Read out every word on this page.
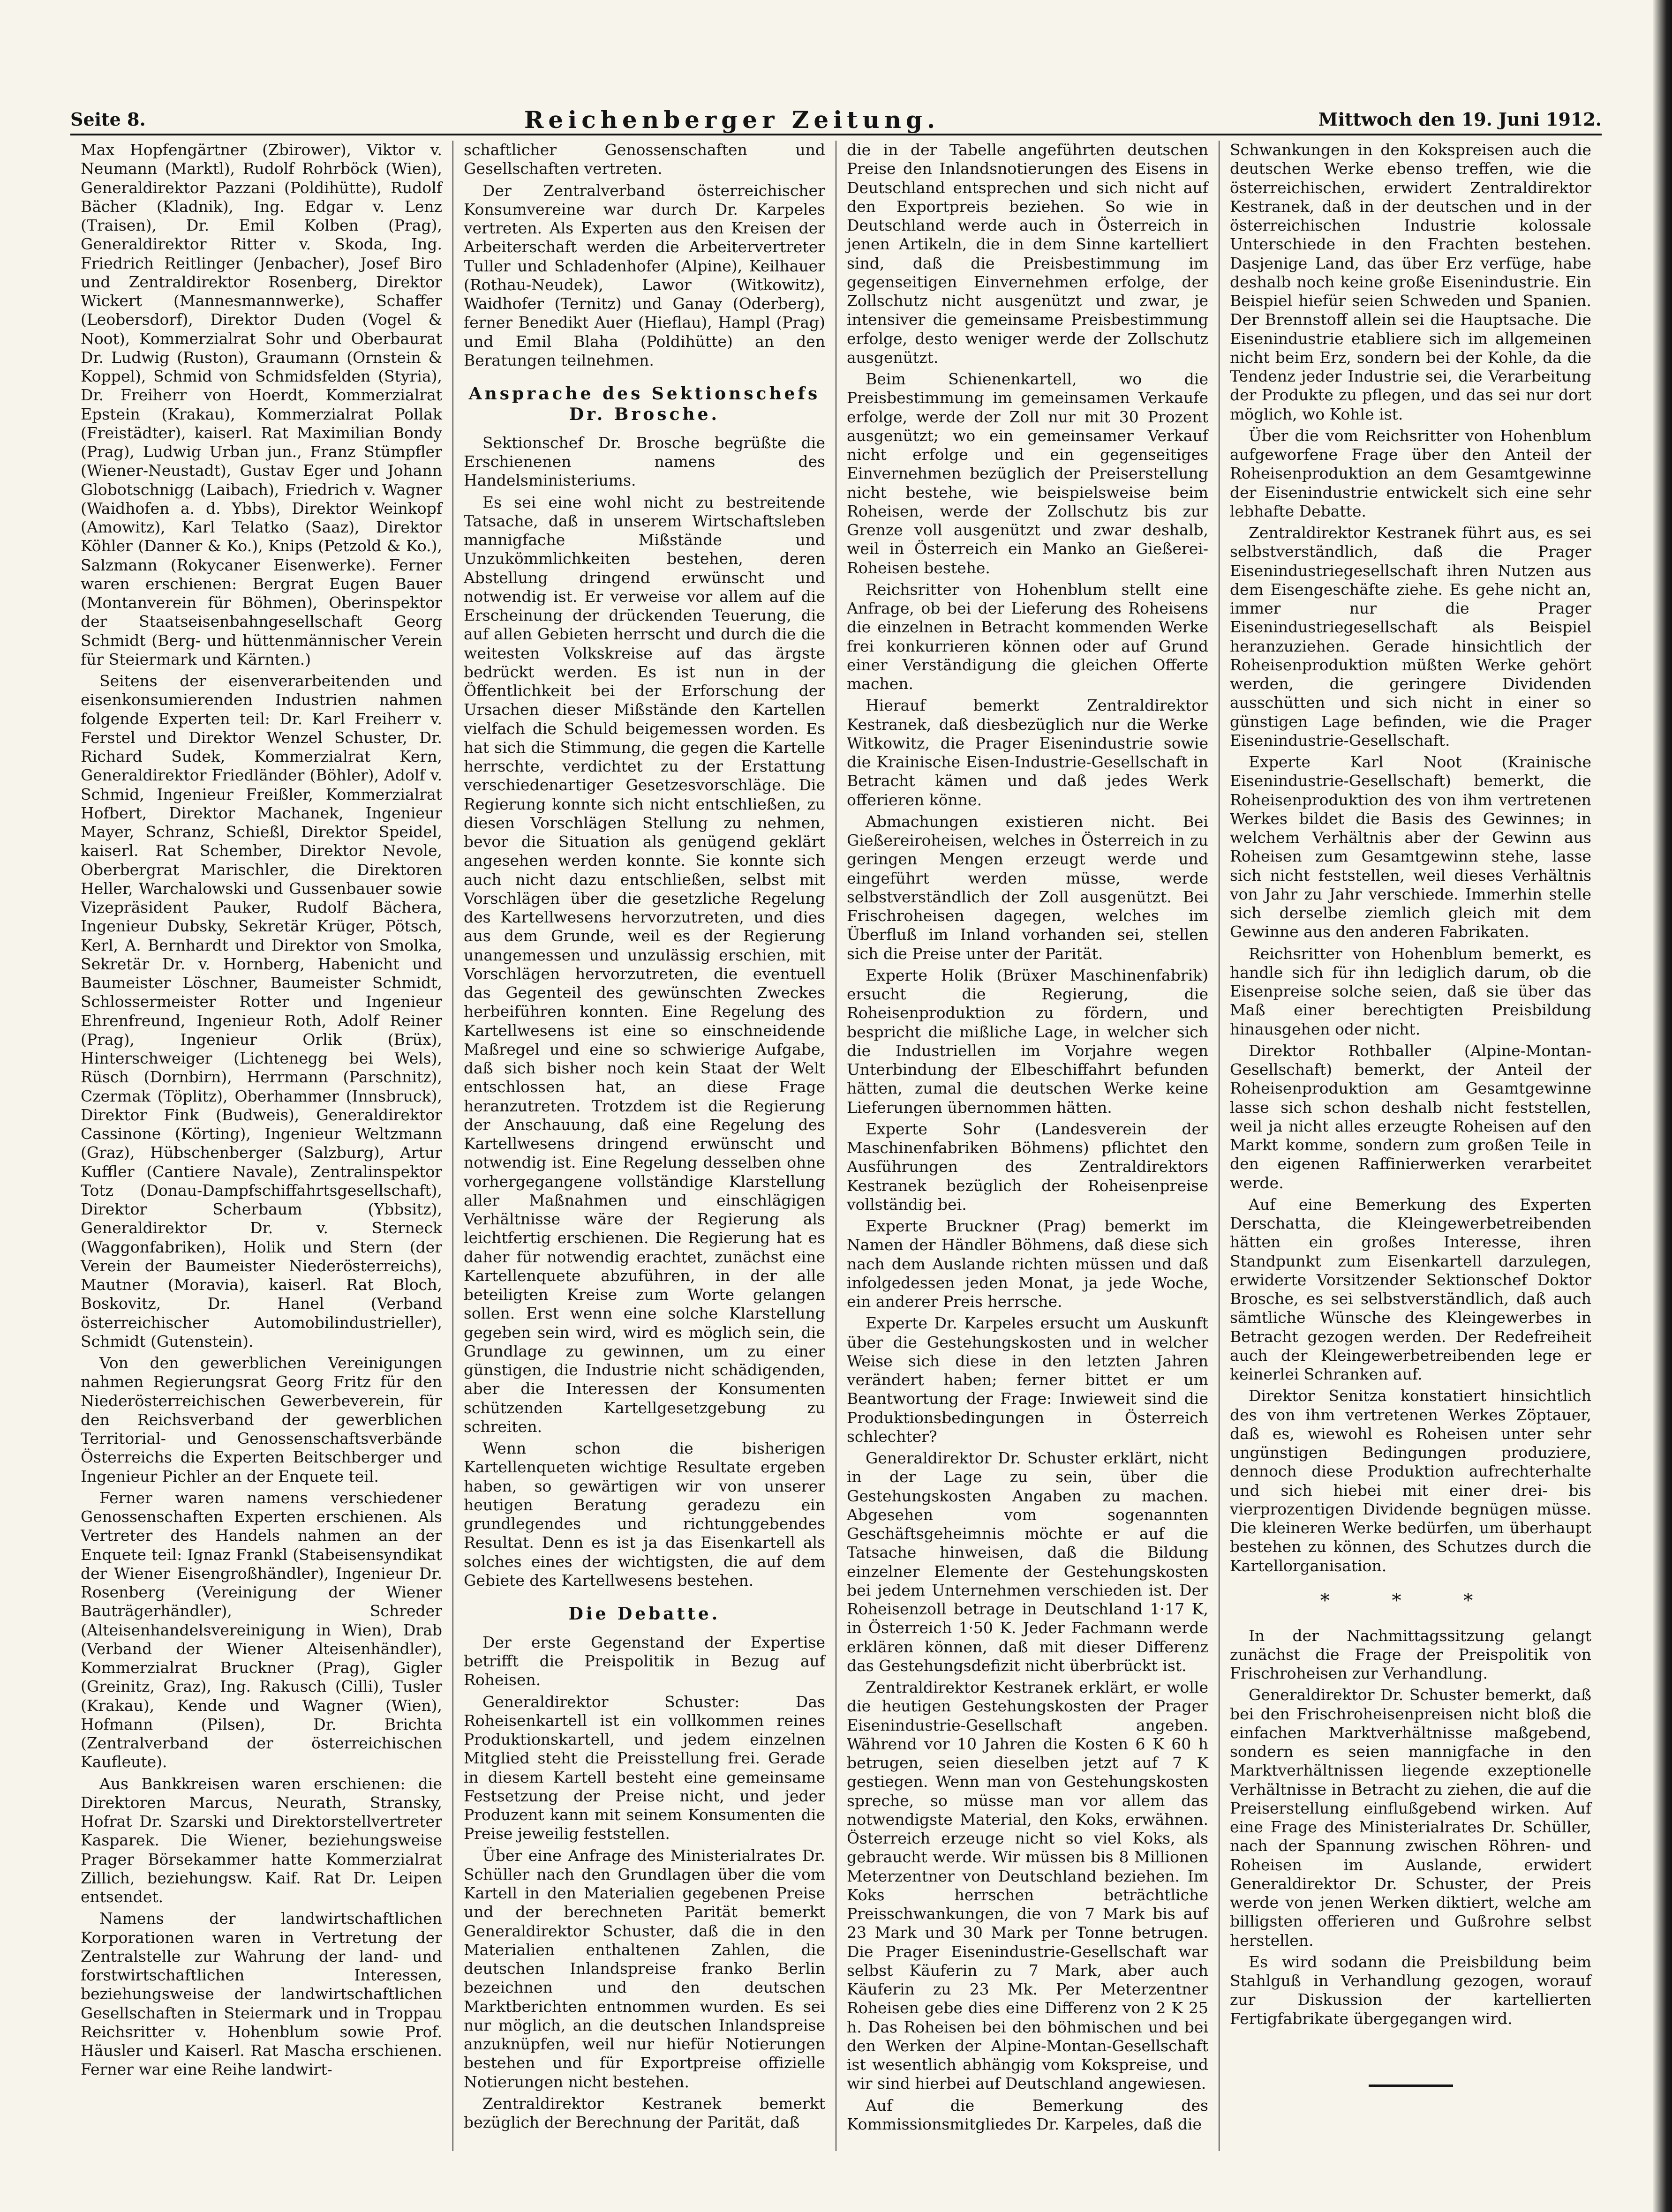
Seite 8.	Reichenberger Zeitung.	Mittwoch den 19. Juni 1912.

Max Hopfengärtner (Zbirower), Viktor v. Neumann (Marktl), Rudolf Rohrböck (Wien), Generaldirektor Pazzani (Poldihütte), Rudolf Bächer (Kladnik), Ing. Edgar v. Lenz (Traisen), Dr. Emil Kolben (Prag), Generaldirektor Ritter v. Skoda, Ing. Friedrich Reitlinger (Jenbacher), Josef Biro und Zentraldirektor Rosenberg, Direktor Wickert (Mannesmannwerke), Schaffer (Leobersdorf), Direktor Duden (Vogel & Noot), Kommerzialrat Sohr und Oberbaurat Dr. Ludwig (Ruston), Graumann (Ornstein & Koppel), Schmid von Schmidsfelden (Styria), Dr. Freiherr von Hoerdt, Kommerzialrat Epstein (Krakau), Kommerzialrat Pollak (Freistädter), kaiserl. Rat Maximilian Bondy (Prag), Ludwig Urban jun., Franz Stümpfler (Wiener-Neustadt), Gustav Eger und Johann Globotschnigg (Laibach), Friedrich v. Wagner (Waidhofen a. d. Ybbs), Direktor Weinkopf (Amowitz), Karl Telatko (Saaz), Direktor Köhler (Danner & Ko.), Knips (Petzold & Ko.), Salzmann (Rokycaner Eisenwerke). Ferner waren erschienen: Bergrat Eugen Bauer (Montanverein für Böhmen), Oberinspektor der Staatseisenbahngesellschaft Georg Schmidt (Berg- und hüttenmännischer Verein für Steiermark und Kärnten.)

Seitens der eisenverarbeitenden und eisenkonsumierenden Industrien nahmen folgende Experten teil: Dr. Karl Freiherr v. Ferstel und Direktor Wenzel Schuster, Dr. Richard Sudek, Kommerzialrat Kern, Generaldirektor Friedländer (Böhler), Adolf v. Schmid, Ingenieur Freißler, Kommerzialrat Hofbert, Direktor Machanek, Ingenieur Mayer, Schranz, Schießl, Direktor Speidel, kaiserl. Rat Schember, Direktor Nevole, Oberbergrat Marischler, die Direktoren Heller, Warchalowski und Gussenbauer sowie Vizepräsident Pauker, Rudolf Bächera, Ingenieur Dubsky, Sekretär Krüger, Pötsch, Kerl, A. Bernhardt und Direktor von Smolka, Sekretär Dr. v. Hornberg, Habenicht und Baumeister Löschner, Baumeister Schmidt, Schlossermeister Rotter und Ingenieur Ehrenfreund, Ingenieur Roth, Adolf Reiner (Prag), Ingenieur Orlik (Brüx), Hinterschweiger (Lichtenegg bei Wels), Rüsch (Dornbirn), Herrmann (Parschnitz), Czermak (Töplitz), Oberhammer (Innsbruck), Direktor Fink (Budweis), Generaldirektor Cassinone (Körting), Ingenieur Weltzmann (Graz), Hübschenberger (Salzburg), Artur Kuffler (Cantiere Navale), Zentralinspektor Totz (Donau-Dampfschiffahrtsgesellschaft), Direktor Scherbaum (Ybbsitz), Generaldirektor Dr. v. Sterneck (Waggonfabriken), Holik und Stern (der Verein der Baumeister Niederösterreichs), Mautner (Moravia), kaiserl. Rat Bloch, Boskovitz, Dr. Hanel (Verband österreichischer Automobilindustrieller), Schmidt (Gutenstein).

Von den gewerblichen Vereinigungen nahmen Regierungsrat Georg Fritz für den Niederösterreichischen Gewerbeverein, für den Reichsverband der gewerblichen Territorial- und Genossenschaftsverbände Österreichs die Experten Beitschberger und Ingenieur Pichler an der Enquete teil.

Ferner waren namens verschiedener Genossenschaften Experten erschienen. Als Vertreter des Handels nahmen an der Enquete teil: Ignaz Frankl (Stabeisensyndikat der Wiener Eisengroßhändler), Ingenieur Dr. Rosenberg (Vereinigung der Wiener Bauträgerhändler), Schreder (Alteisenhandelsvereinigung in Wien), Drab (Verband der Wiener Alteisenhändler), Kommerzialrat Bruckner (Prag), Gigler (Greinitz, Graz), Ing. Rakusch (Cilli), Tusler (Krakau), Kende und Wagner (Wien), Hofmann (Pilsen), Dr. Brichta (Zentralverband der österreichischen Kaufleute).

Aus Bankkreisen waren erschienen: die Direktoren Marcus, Neurath, Stransky, Hofrat Dr. Szarski und Direktorstellvertreter Kasparek. Die Wiener, beziehungsweise Prager Börsekammer hatte Kommerzialrat Zillich, beziehungsw. Kaif. Rat Dr. Leipen entsendet.

Namens der landwirtschaftlichen Korporationen waren in Vertretung der Zentralstelle zur Wahrung der land- und forstwirtschaftlichen Interessen, beziehungsweise der landwirtschaftlichen Gesellschaften in Steiermark und in Troppau Reichsritter v. Hohenblum sowie Prof. Häusler und Kaiserl. Rat Mascha erschienen. Ferner war eine Reihe landwirt-

schaftlicher Genossenschaften und Gesellschaften vertreten.

Der Zentralverband österreichischer Konsumvereine war durch Dr. Karpeles vertreten. Als Experten aus den Kreisen der Arbeiterschaft werden die Arbeitervertreter Tuller und Schladenhofer (Alpine), Keilhauer (Rothau-Neudek), Lawor (Witkowitz), Waidhofer (Ternitz) und Ganay (Oderberg), ferner Benedikt Auer (Hieflau), Hampl (Prag) und Emil Blaha (Poldihütte) an den Beratungen teilnehmen.

Ansprache des Sektionschefs Dr. Brosche.

Sektionschef Dr. Brosche begrüßte die Erschienenen namens des Handelsministeriums.

Es sei eine wohl nicht zu bestreitende Tatsache, daß in unserem Wirtschaftsleben mannigfache Mißstände und Unzukömmlichkeiten bestehen, deren Abstellung dringend erwünscht und notwendig ist. Er verweise vor allem auf die Erscheinung der drückenden Teuerung, die auf allen Gebieten herrscht und durch die die weitesten Volkskreise auf das ärgste bedrückt werden. Es ist nun in der Öffentlichkeit bei der Erforschung der Ursachen dieser Mißstände den Kartellen vielfach die Schuld beigemessen worden. Es hat sich die Stimmung, die gegen die Kartelle herrschte, verdichtet zu der Erstattung verschiedenartiger Gesetzesvorschläge. Die Regierung konnte sich nicht entschließen, zu diesen Vorschlägen Stellung zu nehmen, bevor die Situation als genügend geklärt angesehen werden konnte. Sie konnte sich auch nicht dazu entschließen, selbst mit Vorschlägen über die gesetzliche Regelung des Kartellwesens hervorzutreten, und dies aus dem Grunde, weil es der Regierung unangemessen und unzulässig erschien, mit Vorschlägen hervorzutreten, die eventuell das Gegenteil des gewünschten Zweckes herbeiführen konnten. Eine Regelung des Kartellwesens ist eine so einschneidende Maßregel und eine so schwierige Aufgabe, daß sich bisher noch kein Staat der Welt entschlossen hat, an diese Frage heranzutreten. Trotzdem ist die Regierung der Anschauung, daß eine Regelung des Kartellwesens dringend erwünscht und notwendig ist. Eine Regelung desselben ohne vorhergegangene vollständige Klarstellung aller Maßnahmen und einschlägigen Verhältnisse wäre der Regierung als leichtfertig erschienen. Die Regierung hat es daher für notwendig erachtet, zunächst eine Kartellenquete abzuführen, in der alle beteiligten Kreise zum Worte gelangen sollen. Erst wenn eine solche Klarstellung gegeben sein wird, wird es möglich sein, die Grundlage zu gewinnen, um zu einer günstigen, die Industrie nicht schädigenden, aber die Interessen der Konsumenten schützenden Kartellgesetzgebung zu schreiten.

Wenn schon die bisherigen Kartellenqueten wichtige Resultate ergeben haben, so gewärtigen wir von unserer heutigen Beratung geradezu ein grundlegendes und richtunggebendes Resultat. Denn es ist ja das Eisenkartell als solches eines der wichtigsten, die auf dem Gebiete des Kartellwesens bestehen.

Die Debatte.

Der erste Gegenstand der Expertise betrifft die Preispolitik in Bezug auf Roheisen.

Generaldirektor Schuster: Das Roheisenkartell ist ein vollkommen reines Produktionskartell, und jedem einzelnen Mitglied steht die Preisstellung frei. Gerade in diesem Kartell besteht eine gemeinsame Festsetzung der Preise nicht, und jeder Produzent kann mit seinem Konsumenten die Preise jeweilig feststellen.

Über eine Anfrage des Ministerialrates Dr. Schüller nach den Grundlagen über die vom Kartell in den Materialien gegebenen Preise und der berechneten Parität bemerkt Generaldirektor Schuster, daß die in den Materialien enthaltenen Zahlen, die deutschen Inlandspreise franko Berlin bezeichnen und den deutschen Marktberichten entnommen wurden. Es sei nur möglich, an die deutschen Inlandspreise anzuknüpfen, weil nur hiefür Notierungen bestehen und für Exportpreise offizielle Notierungen nicht bestehen.

Zentraldirektor Kestranek bemerkt bezüglich der Berechnung der Parität, daß

die in der Tabelle angeführten deutschen Preise den Inlandsnotierungen des Eisens in Deutschland entsprechen und sich nicht auf den Exportpreis beziehen. So wie in Deutschland werde auch in Österreich in jenen Artikeln, die in dem Sinne kartelliert sind, daß die Preisbestimmung im gegenseitigen Einvernehmen erfolge, der Zollschutz nicht ausgenützt und zwar, je intensiver die gemeinsame Preisbestimmung erfolge, desto weniger werde der Zollschutz ausgenützt.

Beim Schienenkartell, wo die Preisbestimmung im gemeinsamen Verkaufe erfolge, werde der Zoll nur mit 30 Prozent ausgenützt; wo ein gemeinsamer Verkauf nicht erfolge und ein gegenseitiges Einvernehmen bezüglich der Preiserstellung nicht bestehe, wie beispielsweise beim Roheisen, werde der Zollschutz bis zur Grenze voll ausgenützt und zwar deshalb, weil in Österreich ein Manko an Gießerei-Roheisen bestehe.

Reichsritter von Hohenblum stellt eine Anfrage, ob bei der Lieferung des Roheisens die einzelnen in Betracht kommenden Werke frei konkurrieren können oder auf Grund einer Verständigung die gleichen Offerte machen.

Hierauf bemerkt Zentraldirektor Kestranek, daß diesbezüglich nur die Werke Witkowitz, die Prager Eisenindustrie sowie die Krainische Eisen-Industrie-Gesellschaft in Betracht kämen und daß jedes Werk offerieren könne.

Abmachungen existieren nicht. Bei Gießereiroheisen, welches in Österreich in zu geringen Mengen erzeugt werde und eingeführt werden müsse, werde selbstverständlich der Zoll ausgenützt. Bei Frischroheisen dagegen, welches im Überfluß im Inland vorhanden sei, stellen sich die Preise unter der Parität.

Experte Holik (Brüxer Maschinenfabrik) ersucht die Regierung, die Roheisenproduktion zu fördern, und bespricht die mißliche Lage, in welcher sich die Industriellen im Vorjahre wegen Unterbindung der Elbeschiffahrt befunden hätten, zumal die deutschen Werke keine Lieferungen übernommen hätten.

Experte Sohr (Landesverein der Maschinenfabriken Böhmens) pflichtet den Ausführungen des Zentraldirektors Kestranek bezüglich der Roheisenpreise vollständig bei.

Experte Bruckner (Prag) bemerkt im Namen der Händler Böhmens, daß diese sich nach dem Auslande richten müssen und daß infolgedessen jeden Monat, ja jede Woche, ein anderer Preis herrsche.

Experte Dr. Karpeles ersucht um Auskunft über die Gestehungskosten und in welcher Weise sich diese in den letzten Jahren verändert haben; ferner bittet er um Beantwortung der Frage: Inwieweit sind die Produktionsbedingungen in Österreich schlechter?

Generaldirektor Dr. Schuster erklärt, nicht in der Lage zu sein, über die Gestehungskosten Angaben zu machen. Abgesehen vom sogenannten Geschäftsgeheimnis möchte er auf die Tatsache hinweisen, daß die Bildung einzelner Elemente der Gestehungskosten bei jedem Unternehmen verschieden ist. Der Roheisenzoll betrage in Deutschland 1·17 K, in Österreich 1·50 K. Jeder Fachmann werde erklären können, daß mit dieser Differenz das Gestehungsdefizit nicht überbrückt ist.

Zentraldirektor Kestranek erklärt, er wolle die heutigen Gestehungskosten der Prager Eisenindustrie-Gesellschaft angeben. Während vor 10 Jahren die Kosten 6 K 60 h betrugen, seien dieselben jetzt auf 7 K gestiegen. Wenn man von Gestehungskosten spreche, so müsse man vor allem das notwendigste Material, den Koks, erwähnen. Österreich erzeuge nicht so viel Koks, als gebraucht werde. Wir müssen bis 8 Millionen Meterzentner von Deutschland beziehen. Im Koks herrschen beträchtliche Preisschwankungen, die von 7 Mark bis auf 23 Mark und 30 Mark per Tonne betrugen. Die Prager Eisenindustrie-Gesellschaft war selbst Käuferin zu 7 Mark, aber auch Käuferin zu 23 Mk. Per Meterzentner Roheisen gebe dies eine Differenz von 2 K 25 h. Das Roheisen bei den böhmischen und bei den Werken der Alpine-Montan-Gesellschaft ist wesentlich abhängig vom Kokspreise, und wir sind hierbei auf Deutschland angewiesen.

Auf die Bemerkung des Kommissionsmitgliedes Dr. Karpeles, daß die

Schwankungen in den Kokspreisen auch die deutschen Werke ebenso treffen, wie die österreichischen, erwidert Zentraldirektor Kestranek, daß in der deutschen und in der österreichischen Industrie kolossale Unterschiede in den Frachten bestehen. Dasjenige Land, das über Erz verfüge, habe deshalb noch keine große Eisenindustrie. Ein Beispiel hiefür seien Schweden und Spanien. Der Brennstoff allein sei die Hauptsache. Die Eisenindustrie etabliere sich im allgemeinen nicht beim Erz, sondern bei der Kohle, da die Tendenz jeder Industrie sei, die Verarbeitung der Produkte zu pflegen, und das sei nur dort möglich, wo Kohle ist.

Über die vom Reichsritter von Hohenblum aufgeworfene Frage über den Anteil der Roheisenproduktion an dem Gesamtgewinne der Eisenindustrie entwickelt sich eine sehr lebhafte Debatte.

Zentraldirektor Kestranek führt aus, es sei selbstverständlich, daß die Prager Eisenindustriegesellschaft ihren Nutzen aus dem Eisengeschäfte ziehe. Es gehe nicht an, immer nur die Prager Eisenindustriegesellschaft als Beispiel heranzuziehen. Gerade hinsichtlich der Roheisenproduktion müßten Werke gehört werden, die geringere Dividenden ausschütten und sich nicht in einer so günstigen Lage befinden, wie die Prager Eisenindustrie-Gesellschaft.

Experte Karl Noot (Krainische Eisenindustrie-Gesellschaft) bemerkt, die Roheisenproduktion des von ihm vertretenen Werkes bildet die Basis des Gewinnes; in welchem Verhältnis aber der Gewinn aus Roheisen zum Gesamtgewinn stehe, lasse sich nicht feststellen, weil dieses Verhältnis von Jahr zu Jahr verschiede. Immerhin stelle sich derselbe ziemlich gleich mit dem Gewinne aus den anderen Fabrikaten.

Reichsritter von Hohenblum bemerkt, es handle sich für ihn lediglich darum, ob die Eisenpreise solche seien, daß sie über das Maß einer berechtigten Preisbildung hinausgehen oder nicht.

Direktor Rothballer (Alpine-Montan-Gesellschaft) bemerkt, der Anteil der Roheisenproduktion am Gesamtgewinne lasse sich schon deshalb nicht feststellen, weil ja nicht alles erzeugte Roheisen auf den Markt komme, sondern zum großen Teile in den eigenen Raffinierwerken verarbeitet werde.

Auf eine Bemerkung des Experten Derschatta, die Kleingewerbetreibenden hätten ein großes Interesse, ihren Standpunkt zum Eisenkartell darzulegen, erwiderte Vorsitzender Sektionschef Doktor Brosche, es sei selbstverständlich, daß auch sämtliche Wünsche des Kleingewerbes in Betracht gezogen werden. Der Redefreiheit auch der Kleingewerbetreibenden lege er keinerlei Schranken auf.

Direktor Senitza konstatiert hinsichtlich des von ihm vertretenen Werkes Zöptauer, daß es, wiewohl es Roheisen unter sehr ungünstigen Bedingungen produziere, dennoch diese Produktion aufrechterhalte und sich hiebei mit einer drei- bis vierprozentigen Dividende begnügen müsse. Die kleineren Werke bedürfen, um überhaupt bestehen zu können, des Schutzes durch die Kartellorganisation.

* * *

In der Nachmittagssitzung gelangt zunächst die Frage der Preispolitik von Frischroheisen zur Verhandlung.

Generaldirektor Dr. Schuster bemerkt, daß bei den Frischroheisenpreisen nicht bloß die einfachen Marktverhältnisse maßgebend, sondern es seien mannigfache in den Marktverhältnissen liegende exzeptionelle Verhältnisse in Betracht zu ziehen, die auf die Preiserstellung einflußgebend wirken. Auf eine Frage des Ministerialrates Dr. Schüller, nach der Spannung zwischen Röhren- und Roheisen im Auslande, erwidert Generaldirektor Dr. Schuster, der Preis werde von jenen Werken diktiert, welche am billigsten offerieren und Gußrohre selbst herstellen.

Es wird sodann die Preisbildung beim Stahlguß in Verhandlung gezogen, worauf zur Diskussion der kartellierten Fertigfabrikate übergegangen wird.
